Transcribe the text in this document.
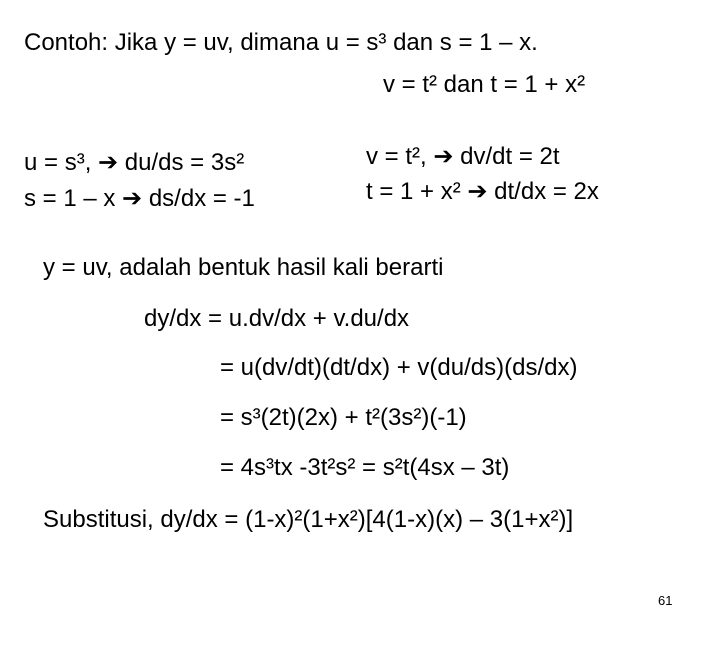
Contoh: Jika y = uv, dimana u = s³ dan s = 1 – x.
v = t² dan t = 1 + x²
u = s³, ➔ du/ds = 3s²
s = 1 – x ➔ ds/dx = -1
v = t², ➔ dv/dt = 2t
t = 1 + x² ➔ dt/dx = 2x
y = uv, adalah bentuk hasil kali berarti
dy/dx = u.dv/dx + v.du/dx
= u(dv/dt)(dt/dx) + v(du/ds)(ds/dx)
= s³(2t)(2x) + t²(3s²)(-1)
= 4s³tx -3t²s² = s²t(4sx – 3t)
Substitusi, dy/dx = (1-x)²(1+x²)[4(1-x)(x) – 3(1+x²)]
61
